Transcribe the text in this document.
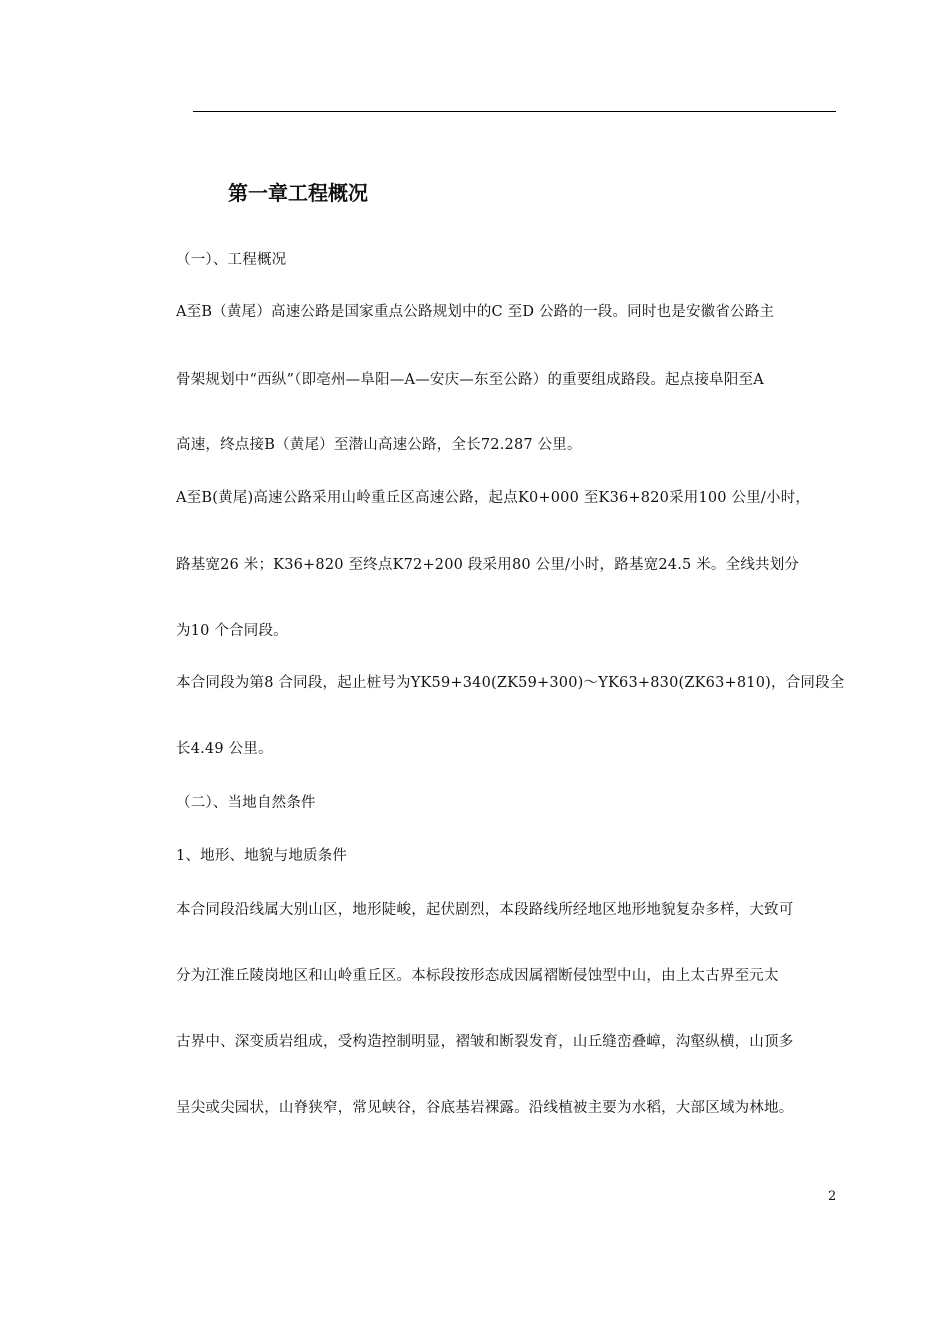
第一章工程概况
（一）、工程概况
A至B（黄尾）高速公路是国家重点公路规划中的C 至D 公路的一段。同时也是安徽省公路主
骨架规划中“西纵”（即亳州—阜阳—A—安庆—东至公路）的重要组成路段。起点接阜阳至A
高速，终点接B（黄尾）至潜山高速公路，全长72.287 公里。
A至B(黄尾)高速公路采用山岭重丘区高速公路，起点K0+000 至K36+820采用100 公里/小时，
路基宽26 米；K36+820 至终点K72+200 段采用80 公里/小时，路基宽24.5 米。全线共划分
为10 个合同段。
本合同段为第8 合同段，起止桩号为YK59+340(ZK59+300)～YK63+830(ZK63+810)，合同段全
长4.49 公里。
（二）、当地自然条件
1、地形、地貌与地质条件
本合同段沿线属大别山区，地形陡峻，起伏剧烈，本段路线所经地区地形地貌复杂多样，大致可
分为江淮丘陵岗地区和山岭重丘区。本标段按形态成因属褶断侵蚀型中山，由上太古界至元太
古界中、深变质岩组成，受构造控制明显，褶皱和断裂发育，山丘缝峦叠嶂，沟壑纵横，山顶多
呈尖或尖园状，山脊狭窄，常见峡谷，谷底基岩裸露。沿线植被主要为水稻，大部区域为林地。
2
